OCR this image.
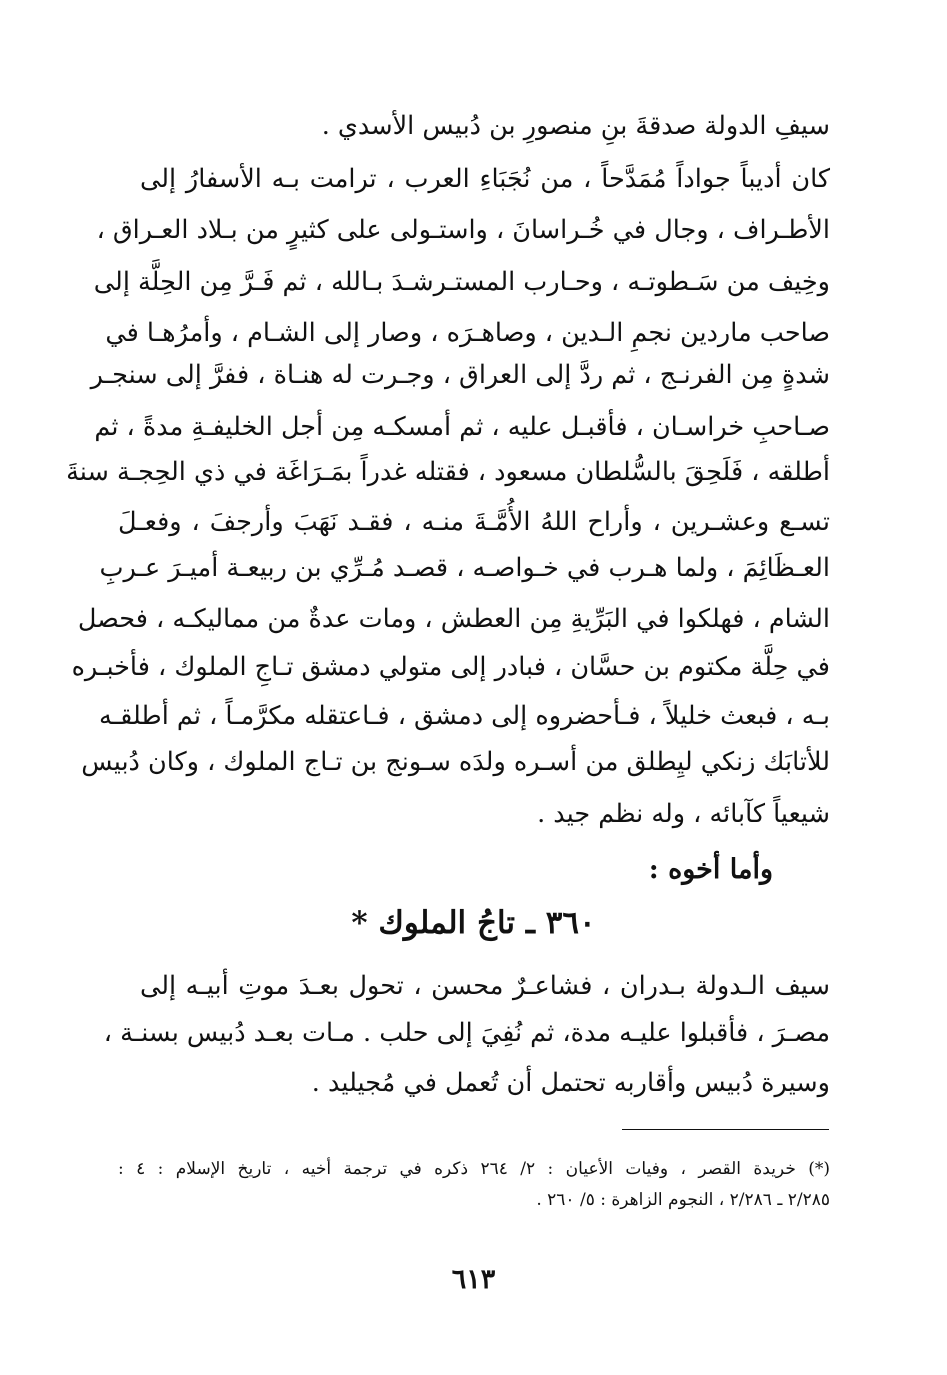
سيفِ الدولة صدقةَ بنِ منصورِ بن دُبيس الأسدي .
كان أديباً جواداً مُمَدَّحاً ، من نُجَبَاءِ العرب ، ترامت بـه الأسفارُ إلى
الأطـراف ، وجال في خُـراسانَ ، واستـولى على كثيرٍ من بـلاد العـراق ،
وخِيف من سَـطوتـه ، وحـارب المستـرشـدَ بـالله ، ثم فَـرَّ مِن الحِلَّة إلى
صاحب ماردين نجمِ الـدين ، وصاهـرَه ، وصار إلى الشـام ، وأمرُهـا في
شدةٍ مِن الفرنـج ، ثم ردَّ إلى العراق ، وجـرت له هنـاة ، ففرَّ إلى سنجـر
صـاحبِ خراسـان ، فأقبـل عليه ، ثم أمسكـه مِن أجل الخليفـةِ مدةً ، ثم
أطلقه ، فَلَحِقَ بالسُّلطان مسعود ، فقتله غدراً بمَـرَاغَة في ذي الحِجـة سنةَ
تسـع وعشـرين ، وأراح اللهُ الأُمَّـةَ منـه ، فقـد نَهَبَ وأرجفَ ، وفعـلَ
العـظَائِمَ ، ولما هـرب في خـواصـه ، قصـد مُـرِّي بن ربيعـة أميـرَ عـربِ
الشام ، فهلكوا في البَرِّيةِ مِن العطش ، ومات عدةٌ من مماليكـه ، فحصل
في حِلَّة مكتوم بن حسَّان ، فبادر إلى متولي دمشق تـاجِ الملوك ، فأخبـره
بـه ، فبعث خليلاً ، فـأحضروه إلى دمشق ، فـاعتقله مكرَّمـاً ، ثم أطلقـه
للأتابَك زنكي ليِطلق من أسـره ولدَه سـونج بن تـاج الملوك ، وكان دُبيس
شيعياً كآبائه ، وله نظم جيد .
وأما أخوه :
٣٦٠ ـ تاجُ الملوك *
سيف الـدولة بـدران ، فشاعـرٌ محسن ، تحول بعـدَ موتِ أبيـه إلى
مصـرَ ، فأقبلوا عليـه مدة، ثم نُفِيَ إلى حلب . مـات بعـد دُبيس بسنـة ،
وسيرة دُبيس وأقاربه تحتمل أن تُعمل في مُجيليد .
(*) خريدة القصر ، وفيات الأعيان : ٢/ ٢٦٤ ذكره في ترجمة أخيه ، تاريخ الإسلام : ٤ :
٢/٢٨٥ ـ ٢/٢٨٦ ، النجوم الزاهرة : ٥/ ٢٦٠ .
٦١٣
